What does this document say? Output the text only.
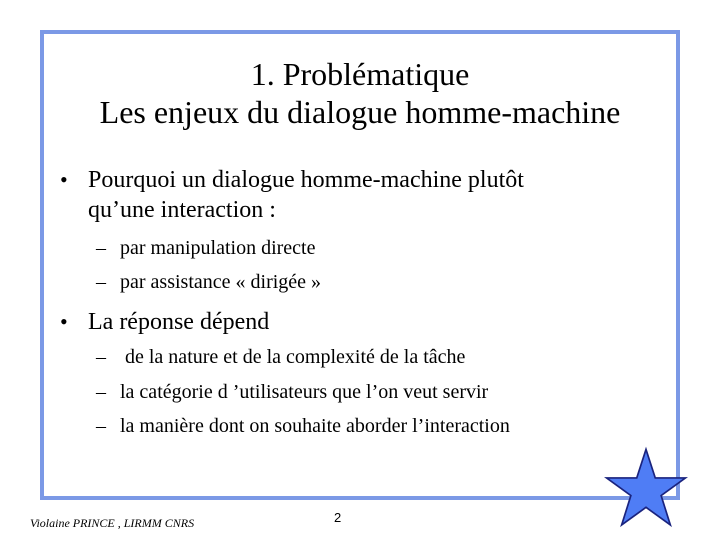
1. Problématique
Les enjeux du dialogue homme-machine
• Pourquoi un dialogue homme-machine plutôt
qu’une interaction :
– par manipulation directe
– par assistance « dirigée »
• La réponse dépend
– de la nature et de la complexité de la tâche
– la catégorie d ’utilisateurs que l’on veut servir
– la manière dont on souhaite aborder l’interaction
Violaine PRINCE , LIRMM CNRS	2
